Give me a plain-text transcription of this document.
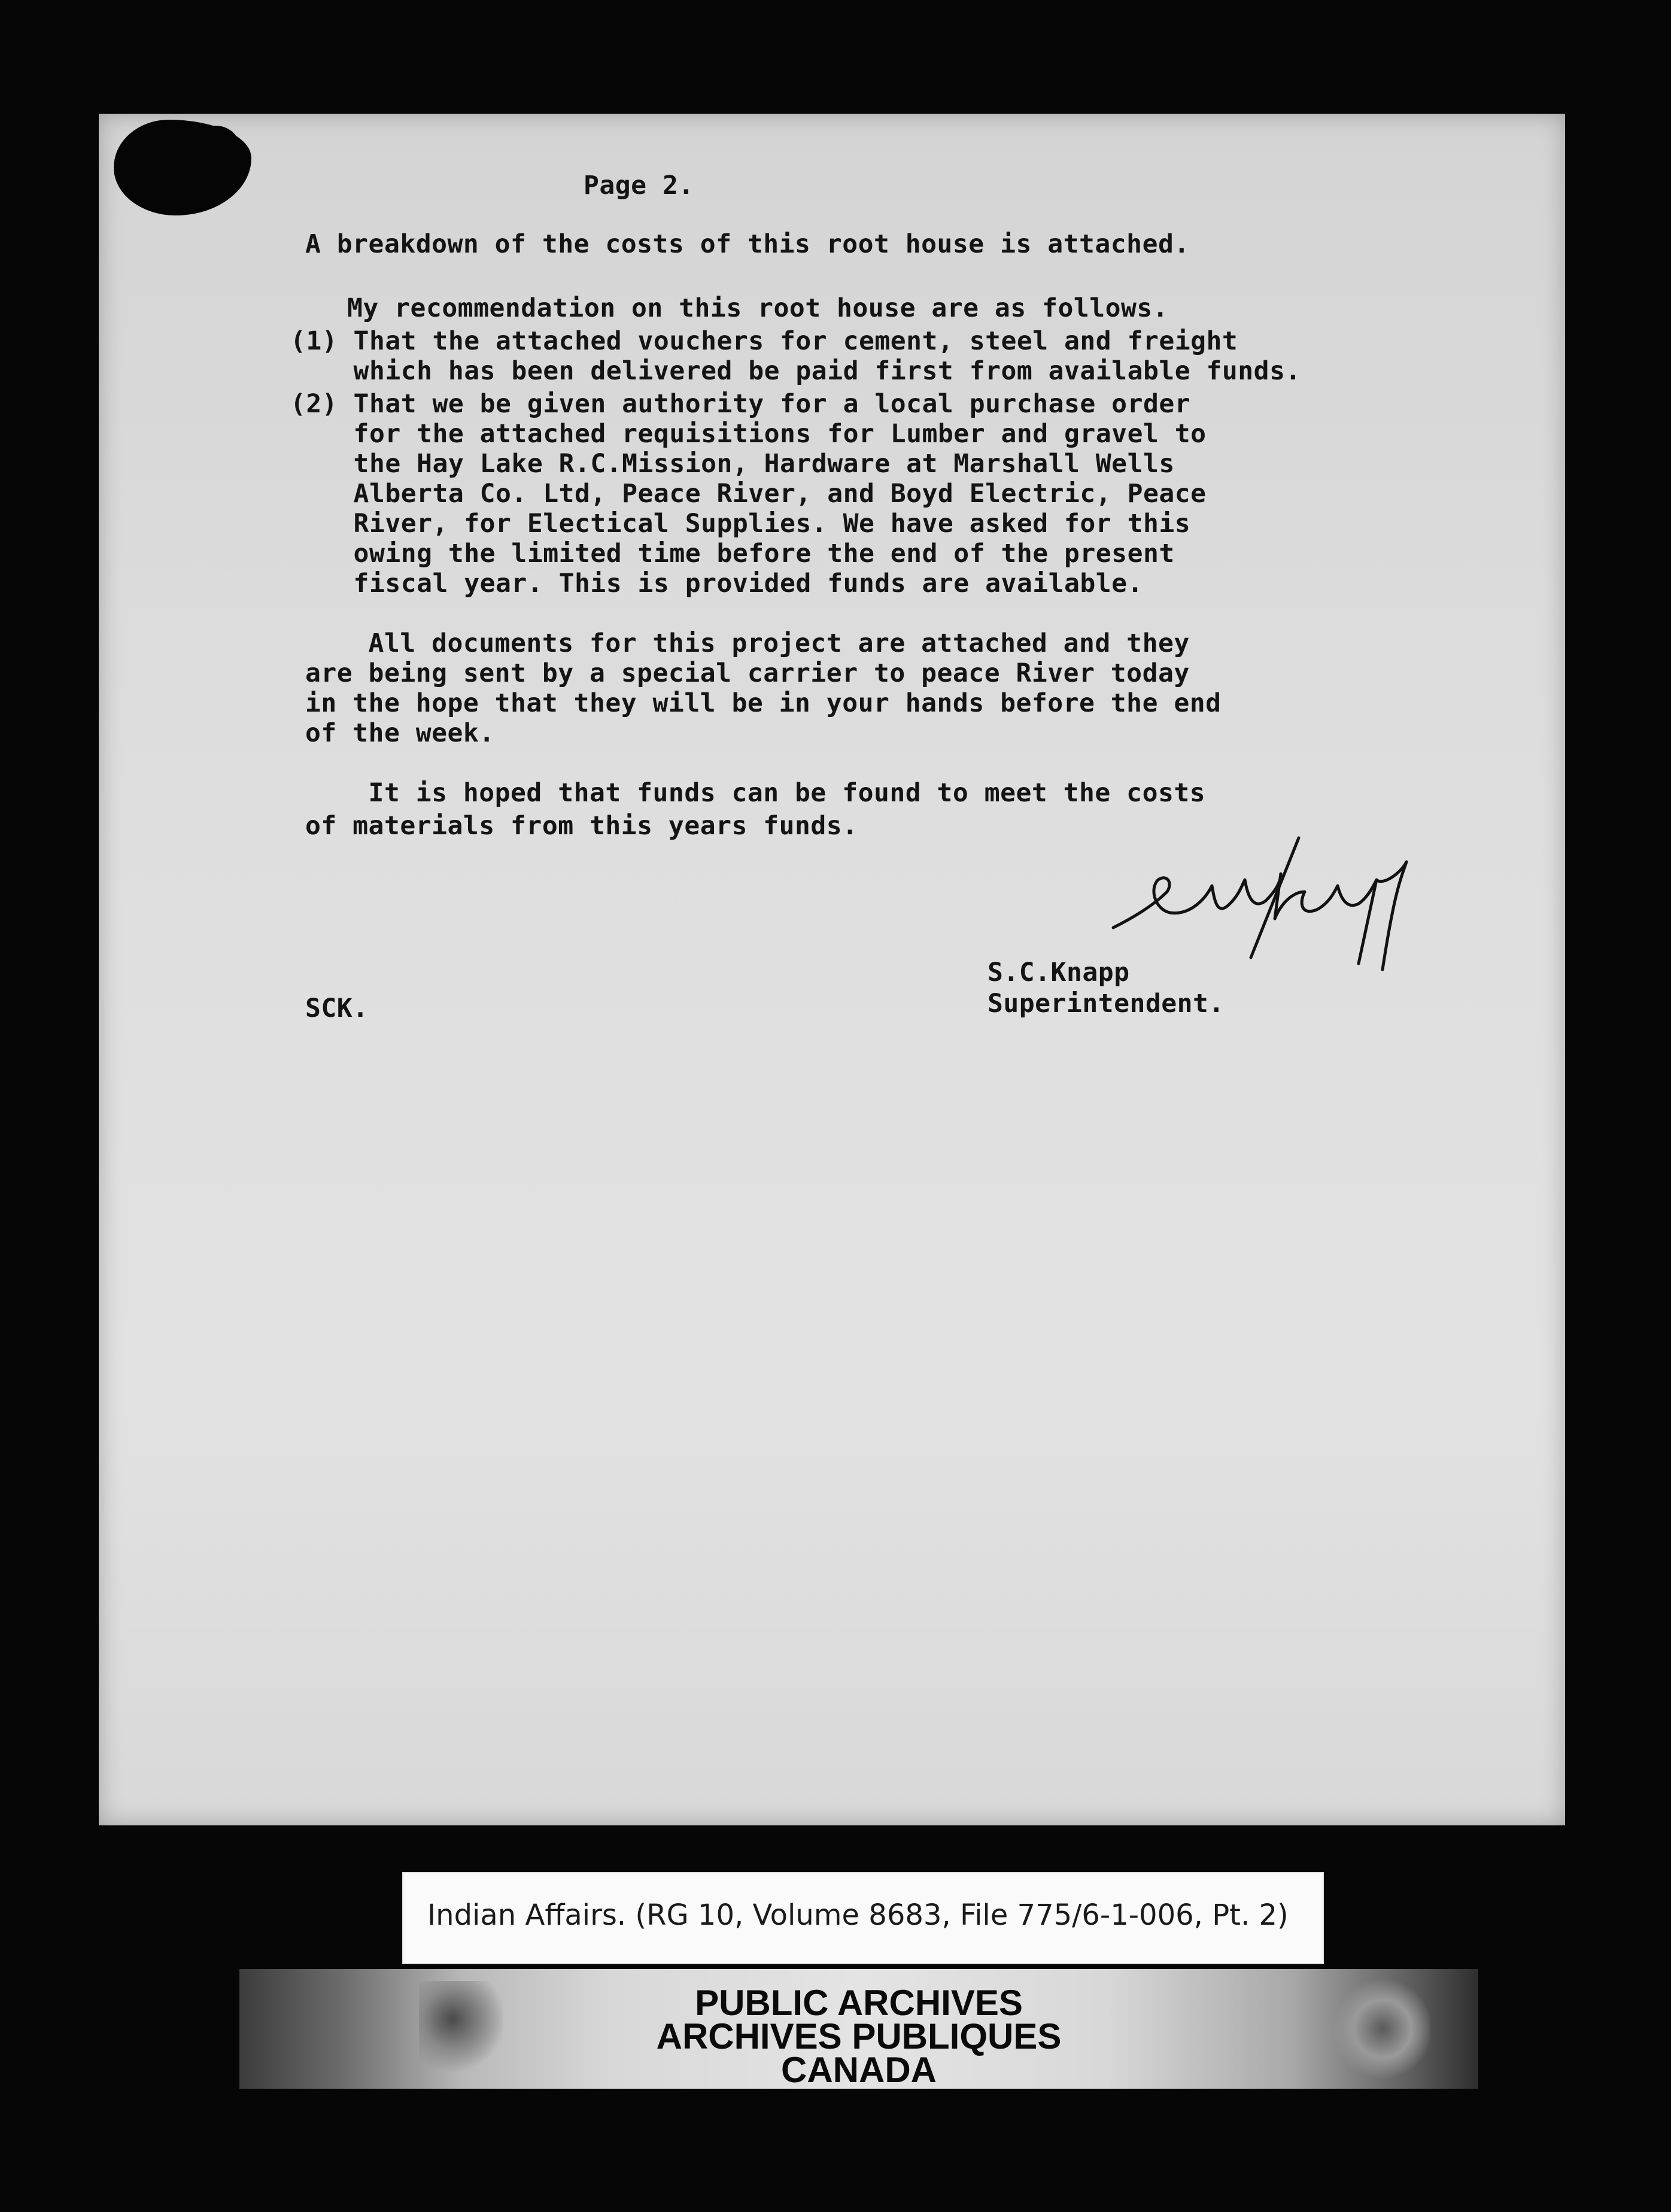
Page 2.
A breakdown of the costs of this root house is attached.
My recommendation on this root house are as follows.
(1) That the attached vouchers for cement, steel and freight
which has been delivered be paid first from available funds.
(2) That we be given authority for a local purchase order
for the attached requisitions for Lumber and gravel to
the Hay Lake R.C.Mission, Hardware at Marshall Wells
Alberta Co. Ltd, Peace River, and Boyd Electric, Peace
River, for Electical Supplies. We have asked for this
owing the limited time before the end of the present
fiscal year. This is provided funds are available.
All documents for this project are attached and they
are being sent by a special carrier to peace River today
in the hope that they will be in your hands before the end
of the week.
It is hoped that funds can be found to meet the costs
of materials from this years funds.
S.C.Knapp
Superintendent.
SCK.
Indian Affairs. (RG 10, Volume 8683, File 775/6-1-006, Pt. 2)
PUBLIC ARCHIVES
ARCHIVES PUBLIQUES
CANADA
